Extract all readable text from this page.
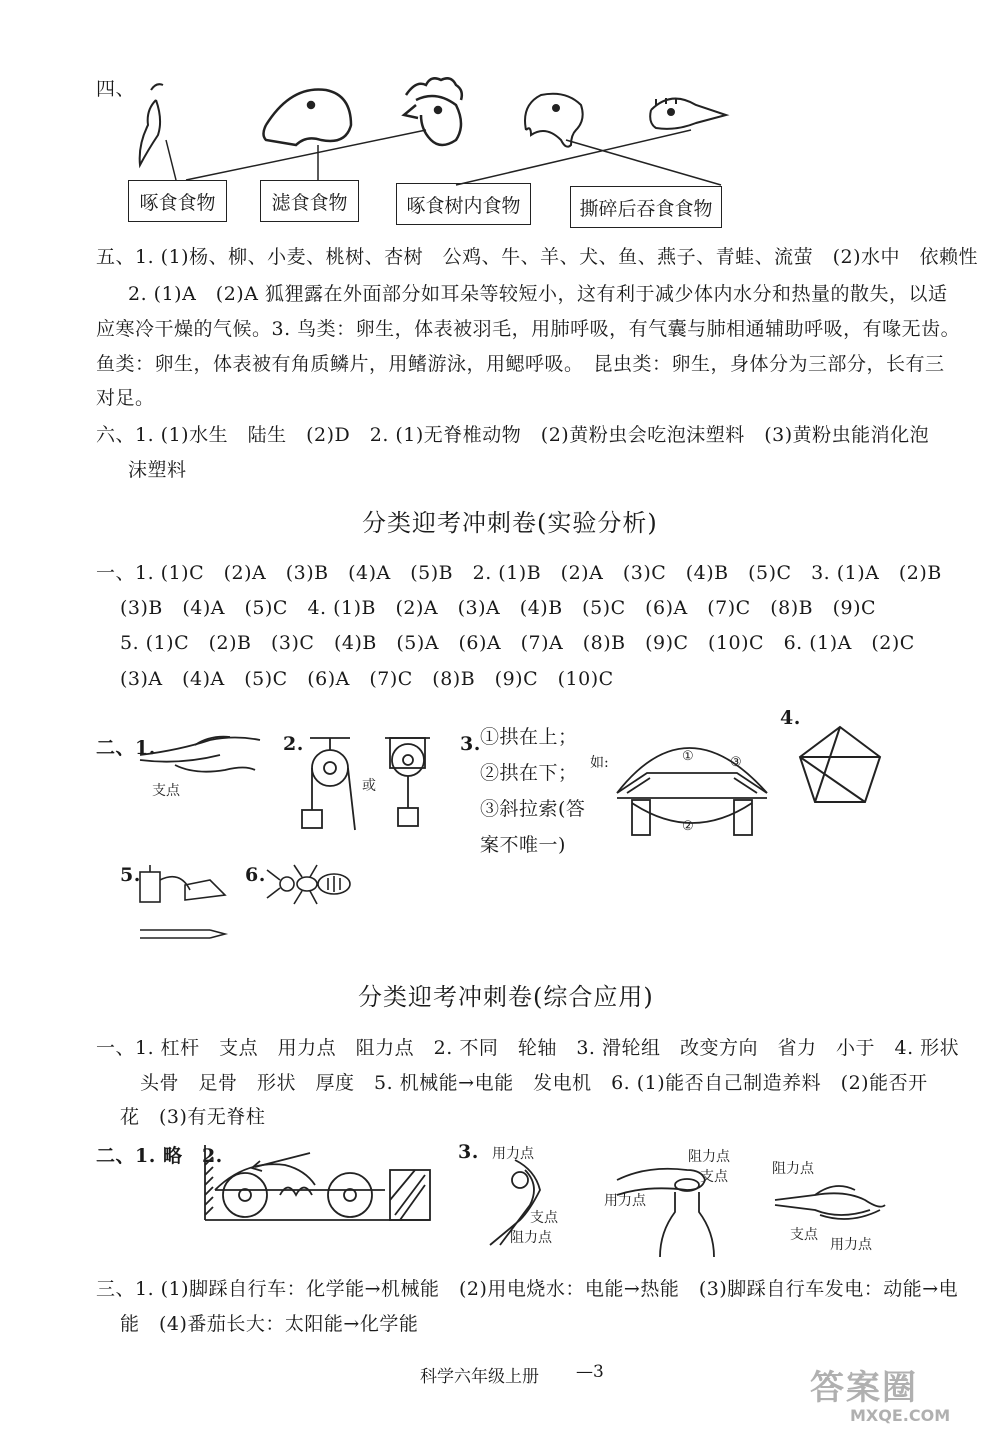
四、
啄食食物	滤食食物	啄食树内食物	撕碎后吞食食物
五、1. (1)杨、柳、小麦、桃树、杏树　公鸡、牛、羊、犬、鱼、燕子、青蛙、流萤　(2)水中　依赖性
2. (1)A　(2)A 狐狸露在外面部分如耳朵等较短小，这有利于减少体内水分和热量的散失，以适
应寒冷干燥的气候。3. 鸟类：卵生，体表被羽毛，用肺呼吸，有气囊与肺相通辅助呼吸，有喙无齿。
鱼类：卵生，体表被有角质鳞片，用鳍游泳，用鳃呼吸。　昆虫类：卵生，身体分为三部分，长有三
对足。
六、1. (1)水生　陆生　(2)D　2. (1)无脊椎动物　(2)黄粉虫会吃泡沫塑料　(3)黄粉虫能消化泡
沫塑料
分类迎考冲刺卷(实验分析)
一、1. (1)C　(2)A　(3)B　(4)A　(5)B　2. (1)B　(2)A　(3)C　(4)B　(5)C　3. (1)A　(2)B
(3)B　(4)A　(5)C　4. (1)B　(2)A　(3)A　(4)B　(5)C　(6)A　(7)C　(8)B　(9)C
5. (1)C　(2)B　(3)C　(4)B　(5)A　(6)A　(7)A　(8)B　(9)C　(10)C　6. (1)A　(2)C
(3)A　(4)A　(5)C　(6)A　(7)C　(8)B　(9)C　(10)C
二、1.
支点
2.
或
3. ①拱在上；
②拱在下；
③斜拉索(答
案不唯一)
如:	①	③
②
4.
5.	6.
分类迎考冲刺卷(综合应用)
一、1. 杠杆　支点　用力点　阻力点　2. 不同　轮轴　3. 滑轮组　改变方向　省力　小于　4. 形状
头骨　足骨　形状　厚度　5. 机械能→电能　发电机　6. (1)能否自己制造养料　(2)能否开
花　(3)有无脊柱
二、1. 略　2.	3. 用力点
支点
阻力点
阻力点
支点
用力点
阻力点
支点
用力点
三、1. (1)脚踩自行车：化学能→机械能　(2)用电烧水：电能→热能　(3)脚踩自行车发电：动能→电
能　(4)番茄长大：太阳能→化学能
科学六年级上册 —3	答案圈
MXQE.COM
